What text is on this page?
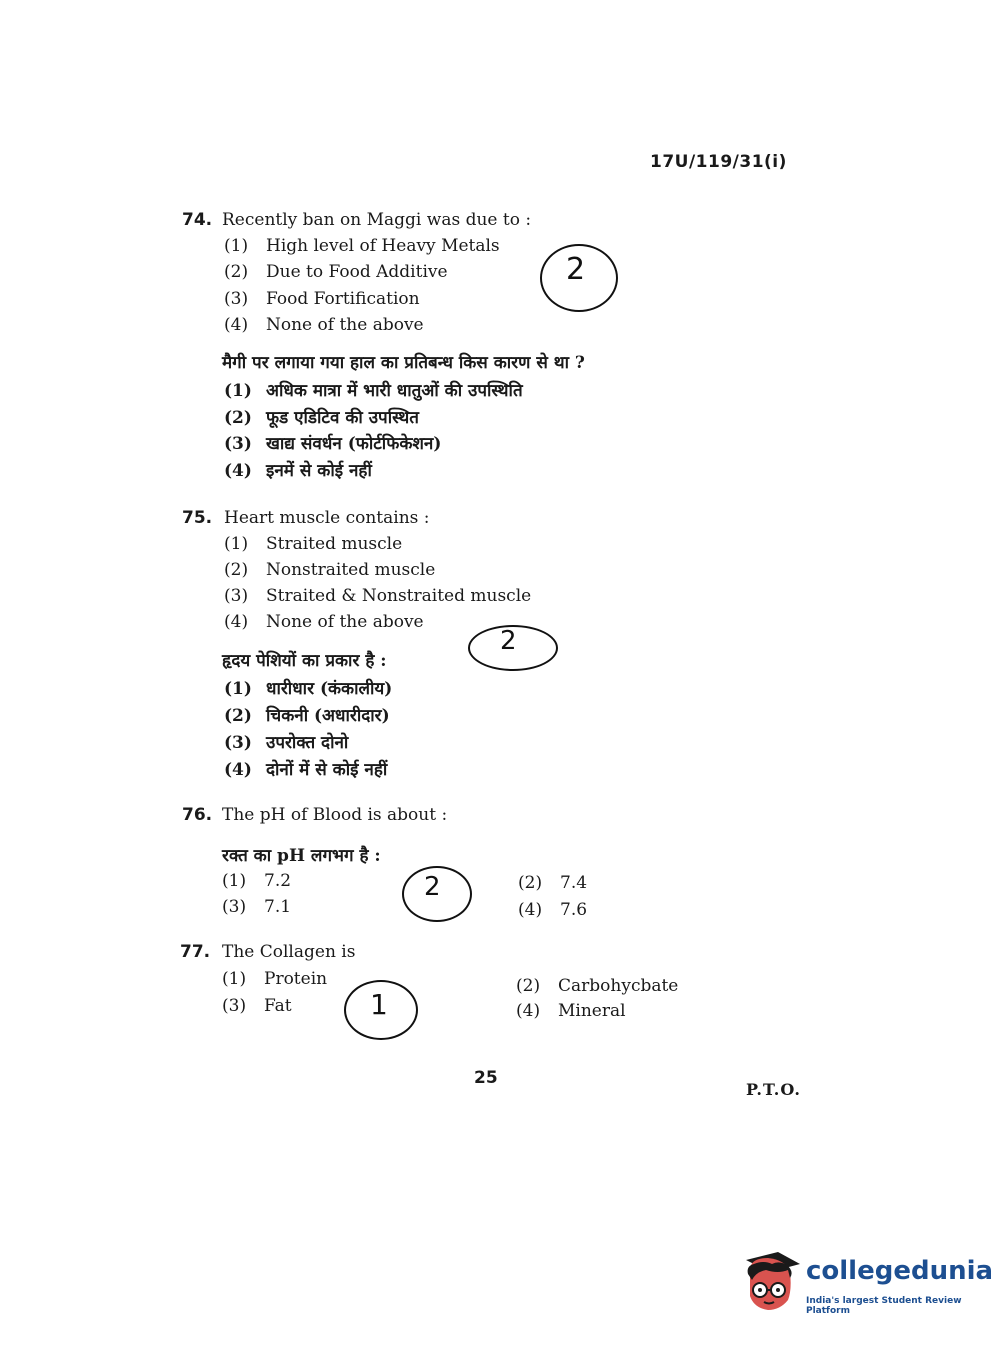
17U/119/31(i)
74. Recently ban on Maggi was due to :
(1) High level of Heavy Metals
(2) Due to Food Additive
(3) Food Fortification
(4) None of the above
मैगी पर लगाया गया हाल का प्रतिबन्ध किस कारण से था ?
(1) अधिक मात्रा में भारी धातुओं की उपस्थिति
(2) फूड एडिटिव की उपस्थित
(3) खाद्य संवर्धन (फोर्टफिकेशन)
(4) इनमें से कोई नहीं
2
75. Heart muscle contains :
(1) Straited muscle
(2) Nonstraited muscle
(3) Straited & Nonstraited muscle
(4) None of the above
हृदय पेशियों का प्रकार है :
(1) धारीधार (कंकालीय)
(2) चिकनी (अधारीदार)
(3) उपरोक्त दोनो
(4) दोनों में से कोई नहीं
2
76. The pH of Blood is about :
रक्त का pH लगभग है :
(1) 7.2	(2) 7.4
(3) 7.1	(4) 7.6
2
77. The Collagen is
(1) Protein	(2) Carbohycbate
(3) Fat	(4) Mineral
1
25
P.T.O.
collegedunia
India's largest Student Review Platform
